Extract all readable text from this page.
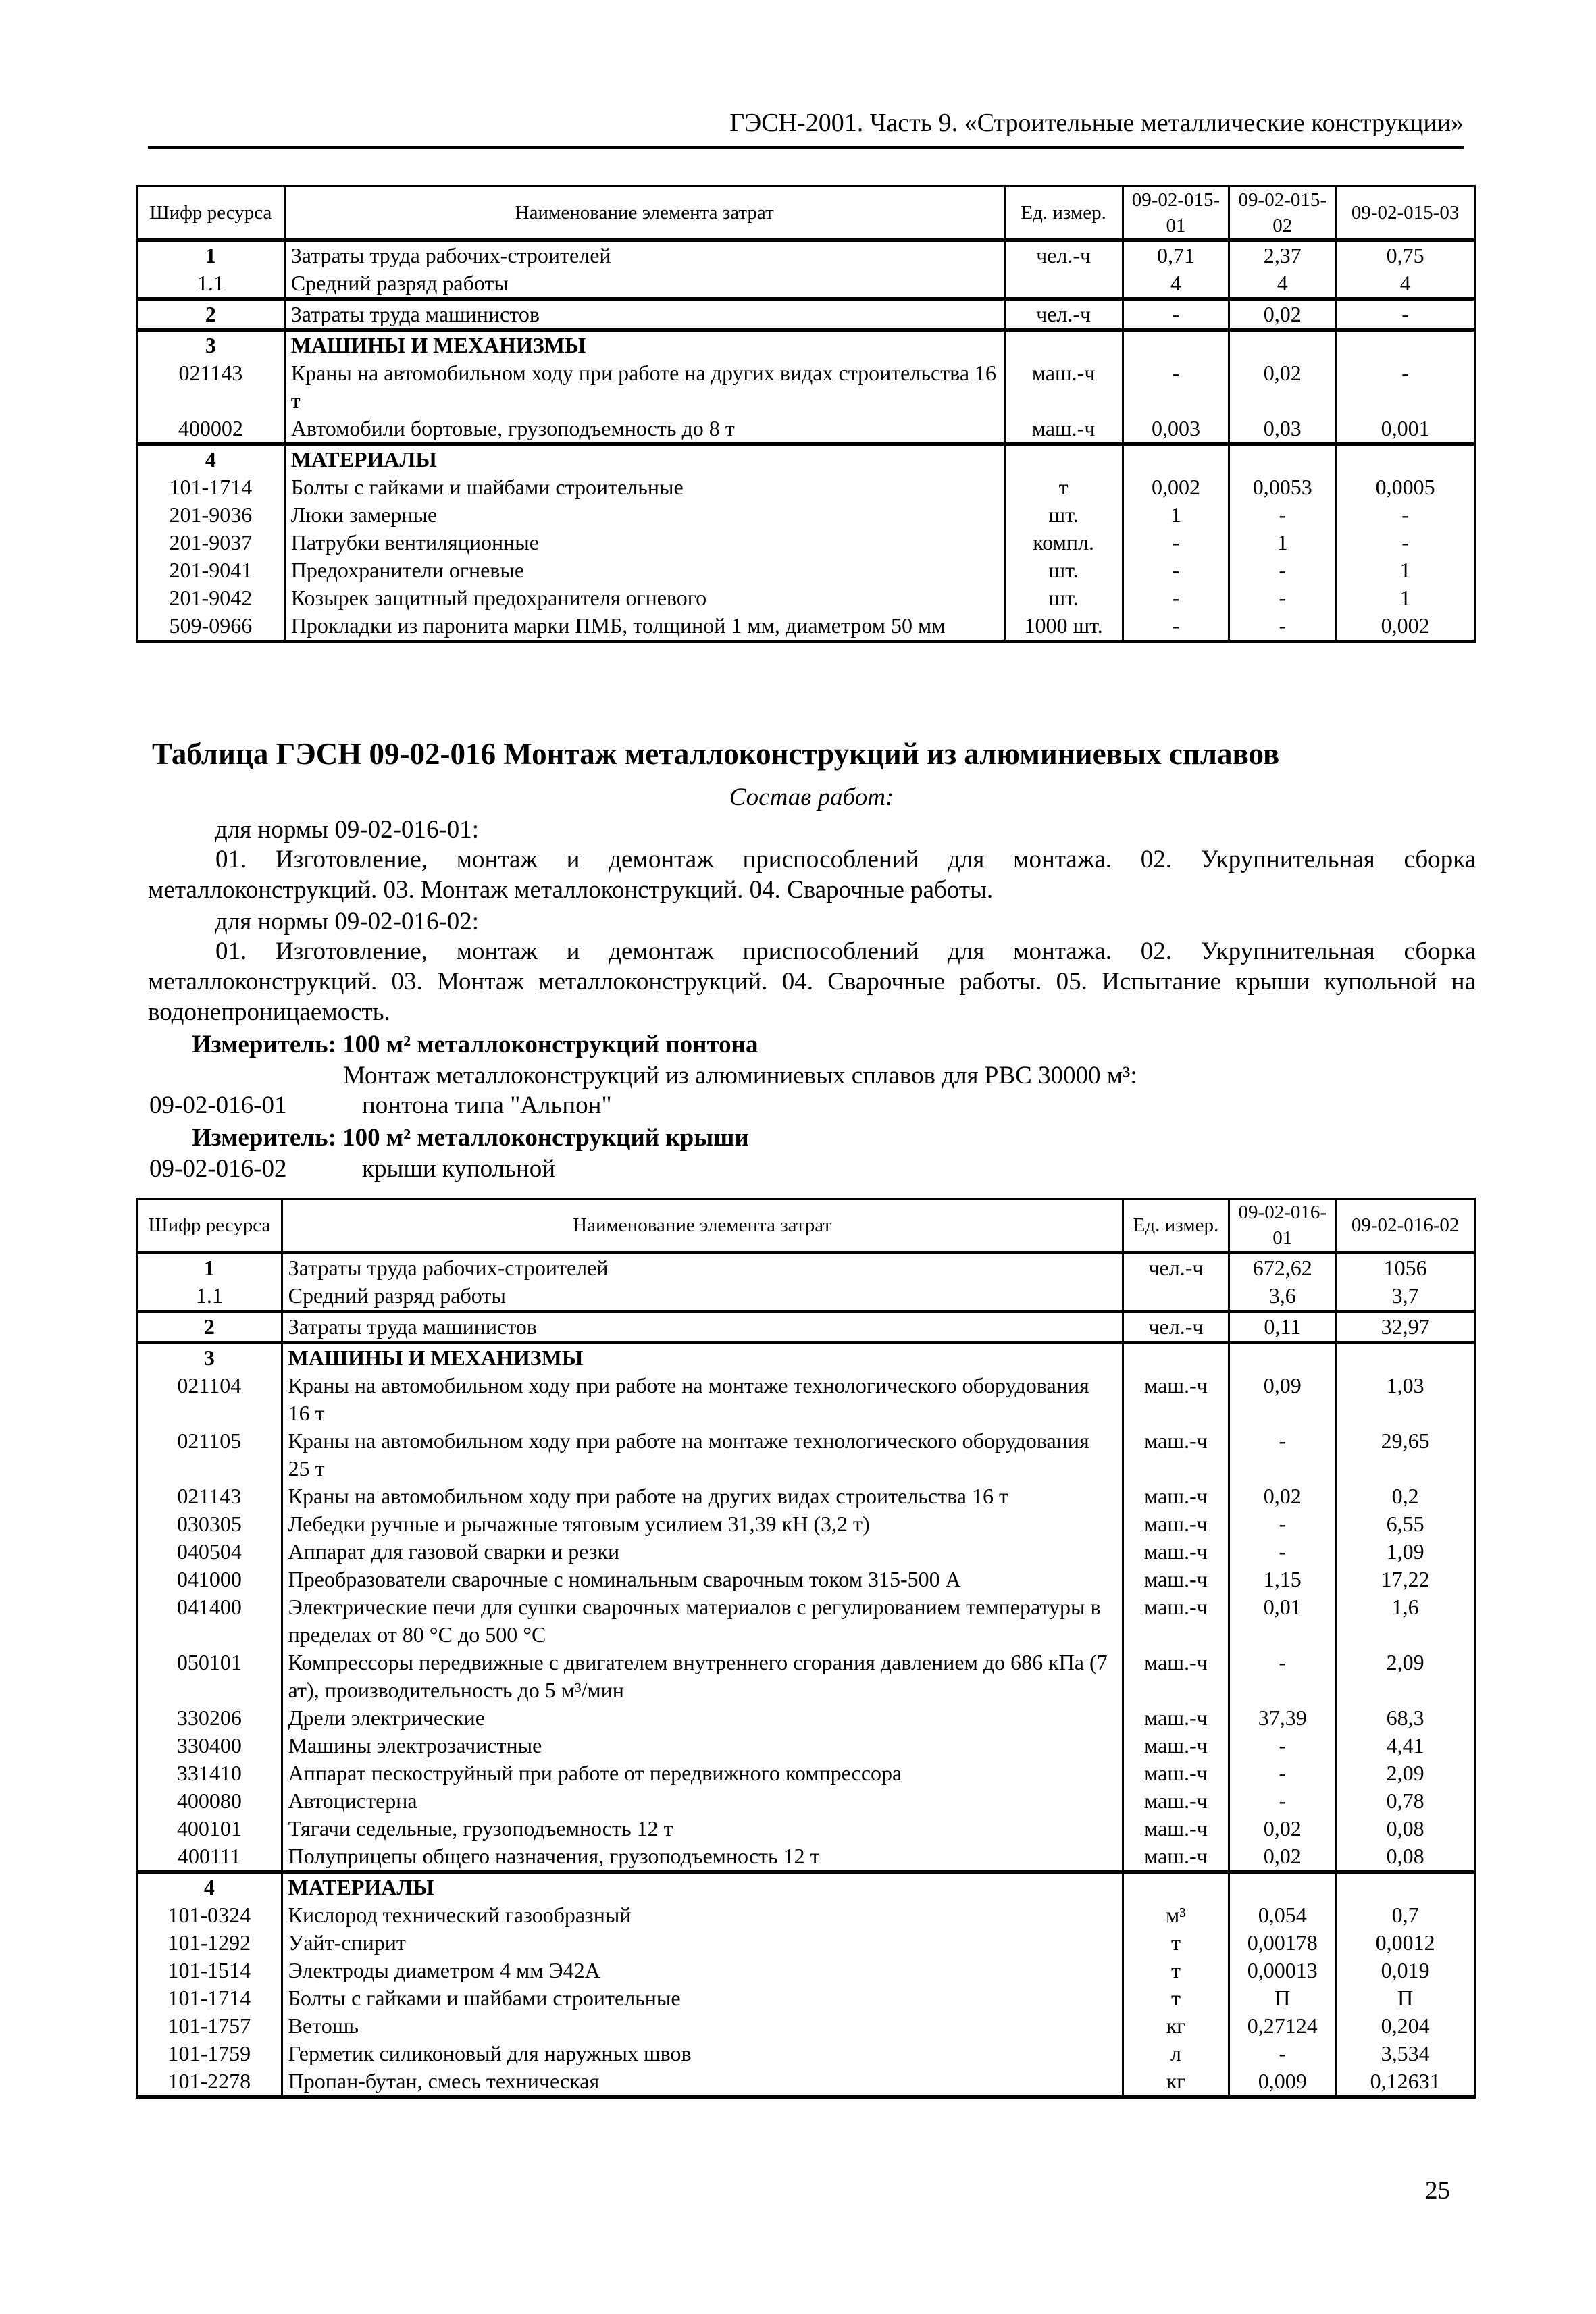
ГЭСН-2001. Часть 9. «Строительные металлические конструкции»
Шифр ресурса	Наименование элемента затрат	Ед. измер.	09-02-015-01	09-02-015-02	09-02-015-03
1	Затраты труда рабочих-строителей	чел.-ч	0,71	2,37	0,75
1.1	Средний разряд работы		4	4	4
2	Затраты труда машинистов	чел.-ч	-	0,02	-
3	МАШИНЫ И МЕХАНИЗМЫ				
021143	Краны на автомобильном ходу при работе на других видах строительства 16 т	маш.-ч	-	0,02	-
400002	Автомобили бортовые, грузоподъемность до 8 т	маш.-ч	0,003	0,03	0,001
4	МАТЕРИАЛЫ				
101-1714	Болты с гайками и шайбами строительные	т	0,002	0,0053	0,0005
201-9036	Люки замерные	шт.	1	-	-
201-9037	Патрубки вентиляционные	компл.	-	1	-
201-9041	Предохранители огневые	шт.	-	-	1
201-9042	Козырек защитный предохранителя огневого	шт.	-	-	1
509-0966	Прокладки из паронита марки ПМБ, толщиной 1 мм, диаметром 50 мм	1000 шт.	-	-	0,002
Таблица ГЭСН 09-02-016 Монтаж металлоконструкций из алюминиевых сплавов
Состав работ:
для нормы 09-02-016-01:
01. Изготовление, монтаж и демонтаж приспособлений для монтажа. 02. Укрупнительная сборка металлоконструкций. 03. Монтаж металлоконструкций. 04. Сварочные работы.
для нормы 09-02-016-02:
01. Изготовление, монтаж и демонтаж приспособлений для монтажа. 02. Укрупнительная сборка металлоконструкций. 03. Монтаж металлоконструкций. 04. Сварочные работы. 05. Испытание крыши купольной на водонепроницаемость.
Измеритель: 100 м² металлоконструкций понтона
Монтаж металлоконструкций из алюминиевых сплавов для РВС 30000 м³:
09-02-016-01	понтона типа "Альпон"
Измеритель: 100 м² металлоконструкций крыши
09-02-016-02	крыши купольной
Шифр ресурса	Наименование элемента затрат	Ед. измер.	09-02-016-01	09-02-016-02
1	Затраты труда рабочих-строителей	чел.-ч	672,62	1056
1.1	Средний разряд работы		3,6	3,7
2	Затраты труда машинистов	чел.-ч	0,11	32,97
3	МАШИНЫ И МЕХАНИЗМЫ			
021104	Краны на автомобильном ходу при работе на монтаже технологического оборудования 16 т	маш.-ч	0,09	1,03
021105	Краны на автомобильном ходу при работе на монтаже технологического оборудования 25 т	маш.-ч	-	29,65
021143	Краны на автомобильном ходу при работе на других видах строительства 16 т	маш.-ч	0,02	0,2
030305	Лебедки ручные и рычажные тяговым усилием 31,39 кН (3,2 т)	маш.-ч	-	6,55
040504	Аппарат для газовой сварки и резки	маш.-ч	-	1,09
041000	Преобразователи сварочные с номинальным сварочным током 315-500 А	маш.-ч	1,15	17,22
041400	Электрические печи для сушки сварочных материалов с регулированием температуры в пределах от 80 °С до 500 °С	маш.-ч	0,01	1,6
050101	Компрессоры передвижные с двигателем внутреннего сгорания давлением до 686 кПа (7 ат), производительность до 5 м³/мин	маш.-ч	-	2,09
330206	Дрели электрические	маш.-ч	37,39	68,3
330400	Машины электрозачистные	маш.-ч	-	4,41
331410	Аппарат пескоструйный при работе от передвижного компрессора	маш.-ч	-	2,09
400080	Автоцистерна	маш.-ч	-	0,78
400101	Тягачи седельные, грузоподъемность 12 т	маш.-ч	0,02	0,08
400111	Полуприцепы общего назначения, грузоподъемность 12 т	маш.-ч	0,02	0,08
4	МАТЕРИАЛЫ			
101-0324	Кислород технический газообразный	м³	0,054	0,7
101-1292	Уайт-спирит	т	0,00178	0,0012
101-1514	Электроды диаметром 4 мм Э42А	т	0,00013	0,019
101-1714	Болты с гайками и шайбами строительные	т	П	П
101-1757	Ветошь	кг	0,27124	0,204
101-1759	Герметик силиконовый для наружных швов	л	-	3,534
101-2278	Пропан-бутан, смесь техническая	кг	0,009	0,12631
25
